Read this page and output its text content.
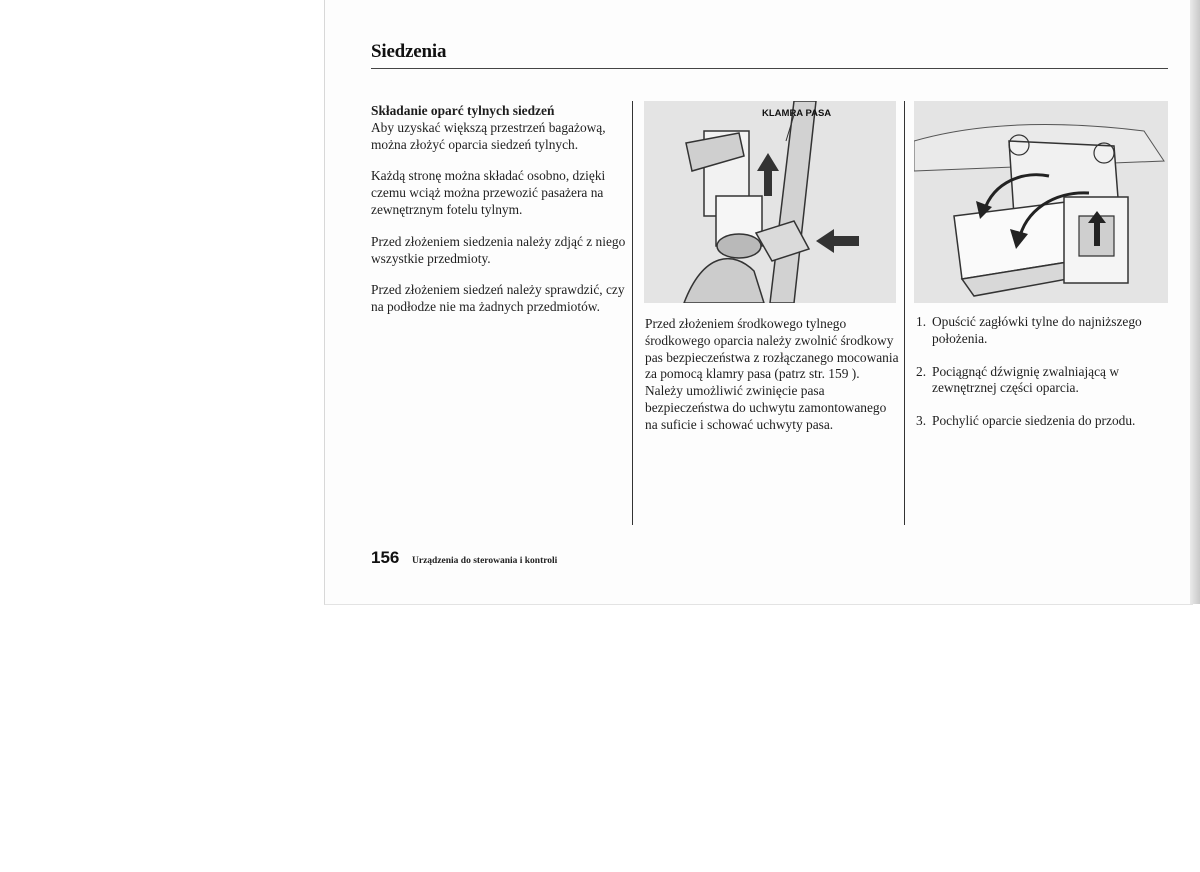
Siedzenia

Składanie oparć tylnych siedzeń

Aby uzyskać większą przestrzeń bagażową, można złożyć oparcia siedzeń tylnych.

Każdą stronę można składać osobno, dzięki czemu wciąż można przewozić pasażera na zewnętrznym fotelu tylnym.

Przed złożeniem siedzenia należy zdjąć z niego wszystkie przedmioty.

Przed złożeniem siedzeń należy sprawdzić, czy na podłodze nie ma żadnych przedmiotów.

KLAMRA PASA

Przed złożeniem środkowego tylnego środkowego oparcia należy zwolnić środkowy pas bezpieczeństwa z rozłączanego mocowania za pomocą klamry pasa (patrz str. 159 ). Należy umożliwić zwinięcie pasa bezpieczeństwa do uchwytu zamontowanego na suficie i schować uchwyty pasa.

1. Opuścić zagłówki tylne do najniższego położenia.
2. Pociągnąć dźwignię zwalniającą w zewnętrznej części oparcia.
3. Pochylić oparcie siedzenia do przodu.
156 Urządzenia do sterowania i kontroli
